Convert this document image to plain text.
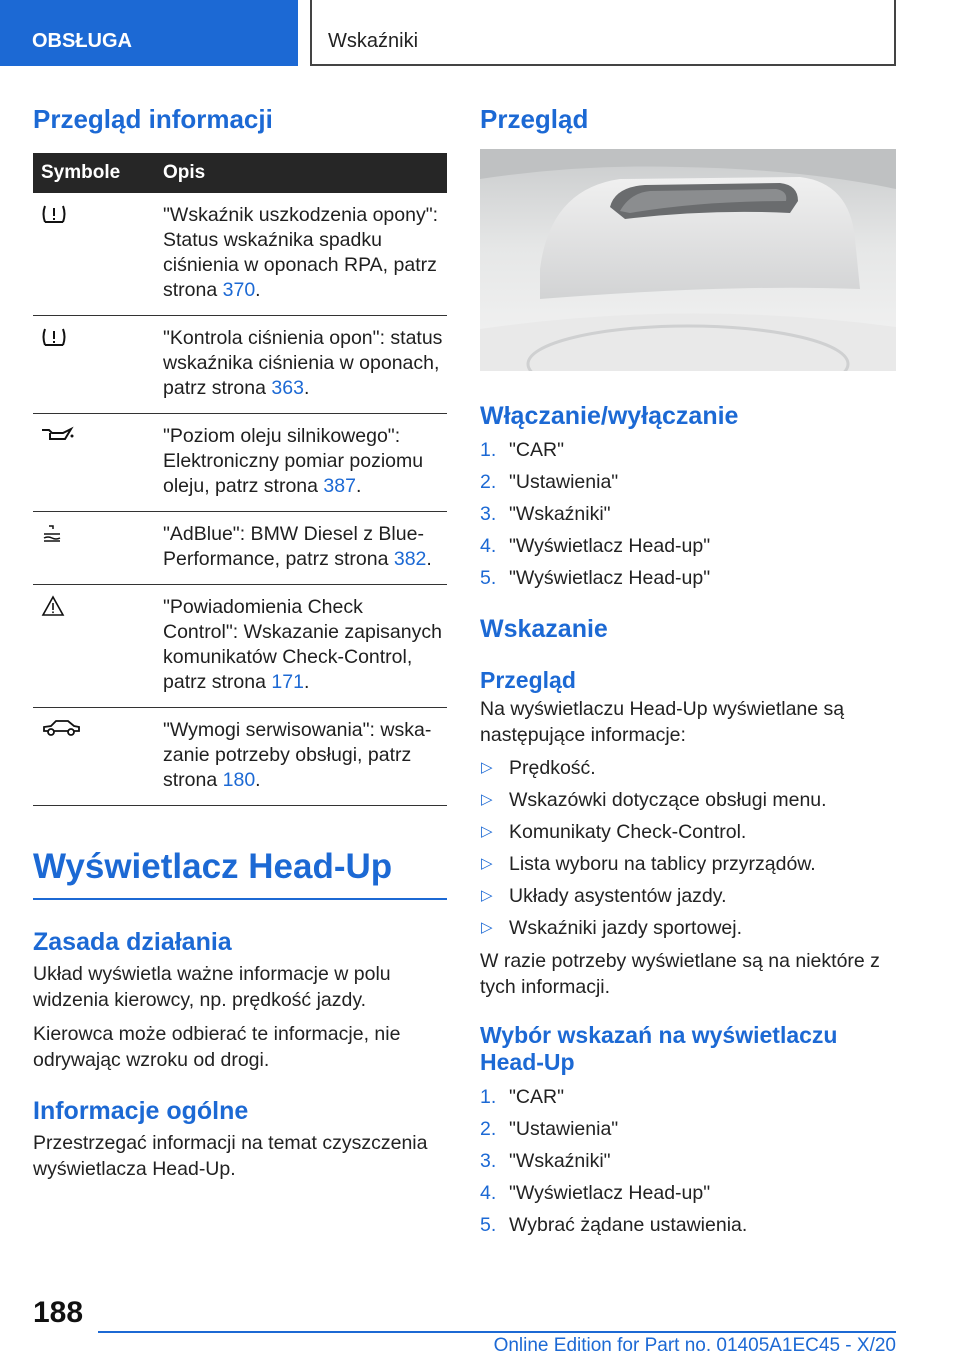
OBSŁUGA	Wskaźniki
Przegląd informacji
Symbole	Opis
	"Wskaźnik uszkodzenia opony": Status wskaźnika spadku ciśnienia w oponach RPA, patrz strona 370.
	"Kontrola ciśnienia opon": status wskaźnika ciśnienia w oponach, patrz strona 363.
	"Poziom oleju silnikowego": Elektroniczny pomiar poziomu oleju, patrz strona 387.
	"AdBlue": BMW Diesel z BluePerformance, patrz strona 382.
	"Powiadomienia Check Control": Wskazanie zapisanych komunikatów Check-Control, patrz strona 171.
	"Wymogi serwisowania": wskazanie potrzeby obsługi, patrz strona 180.
Wyświetlacz Head-Up
Zasada działania

Układ wyświetla ważne informacje w polu widzenia kierowcy, np. prędkość jazdy.

Kierowca może odbierać te informacje, nie odrywając wzroku od drogi.

Informacje ogólne

Przestrzegać informacji na temat czyszczenia wyświetlacza Head-Up.

Przegląd
Włączanie/wyłączanie
1. "CAR"
2. "Ustawienia"
3. "Wskaźniki"
4. "Wyświetlacz Head-up"
5. "Wyświetlacz Head-up"
Wskazanie
Przegląd

Na wyświetlaczu Head-Up wyświetlane są następujące informacje:

▷ Prędkość.
▷ Wskazówki dotyczące obsługi menu.
▷ Komunikaty Check-Control.
▷ Lista wyboru na tablicy przyrządów.
▷ Układy asystentów jazdy.
▷ Wskaźniki jazdy sportowej.

W razie potrzeby wyświetlane są na niektóre z tych informacji.

Wybór wskazań na wyświetlaczu Head-Up
1. "CAR"
2. "Ustawienia"
3. "Wskaźniki"
4. "Wyświetlacz Head-up"
5. Wybrać żądane ustawienia.
188
Online Edition for Part no. 01405A1EC45 - X/20
